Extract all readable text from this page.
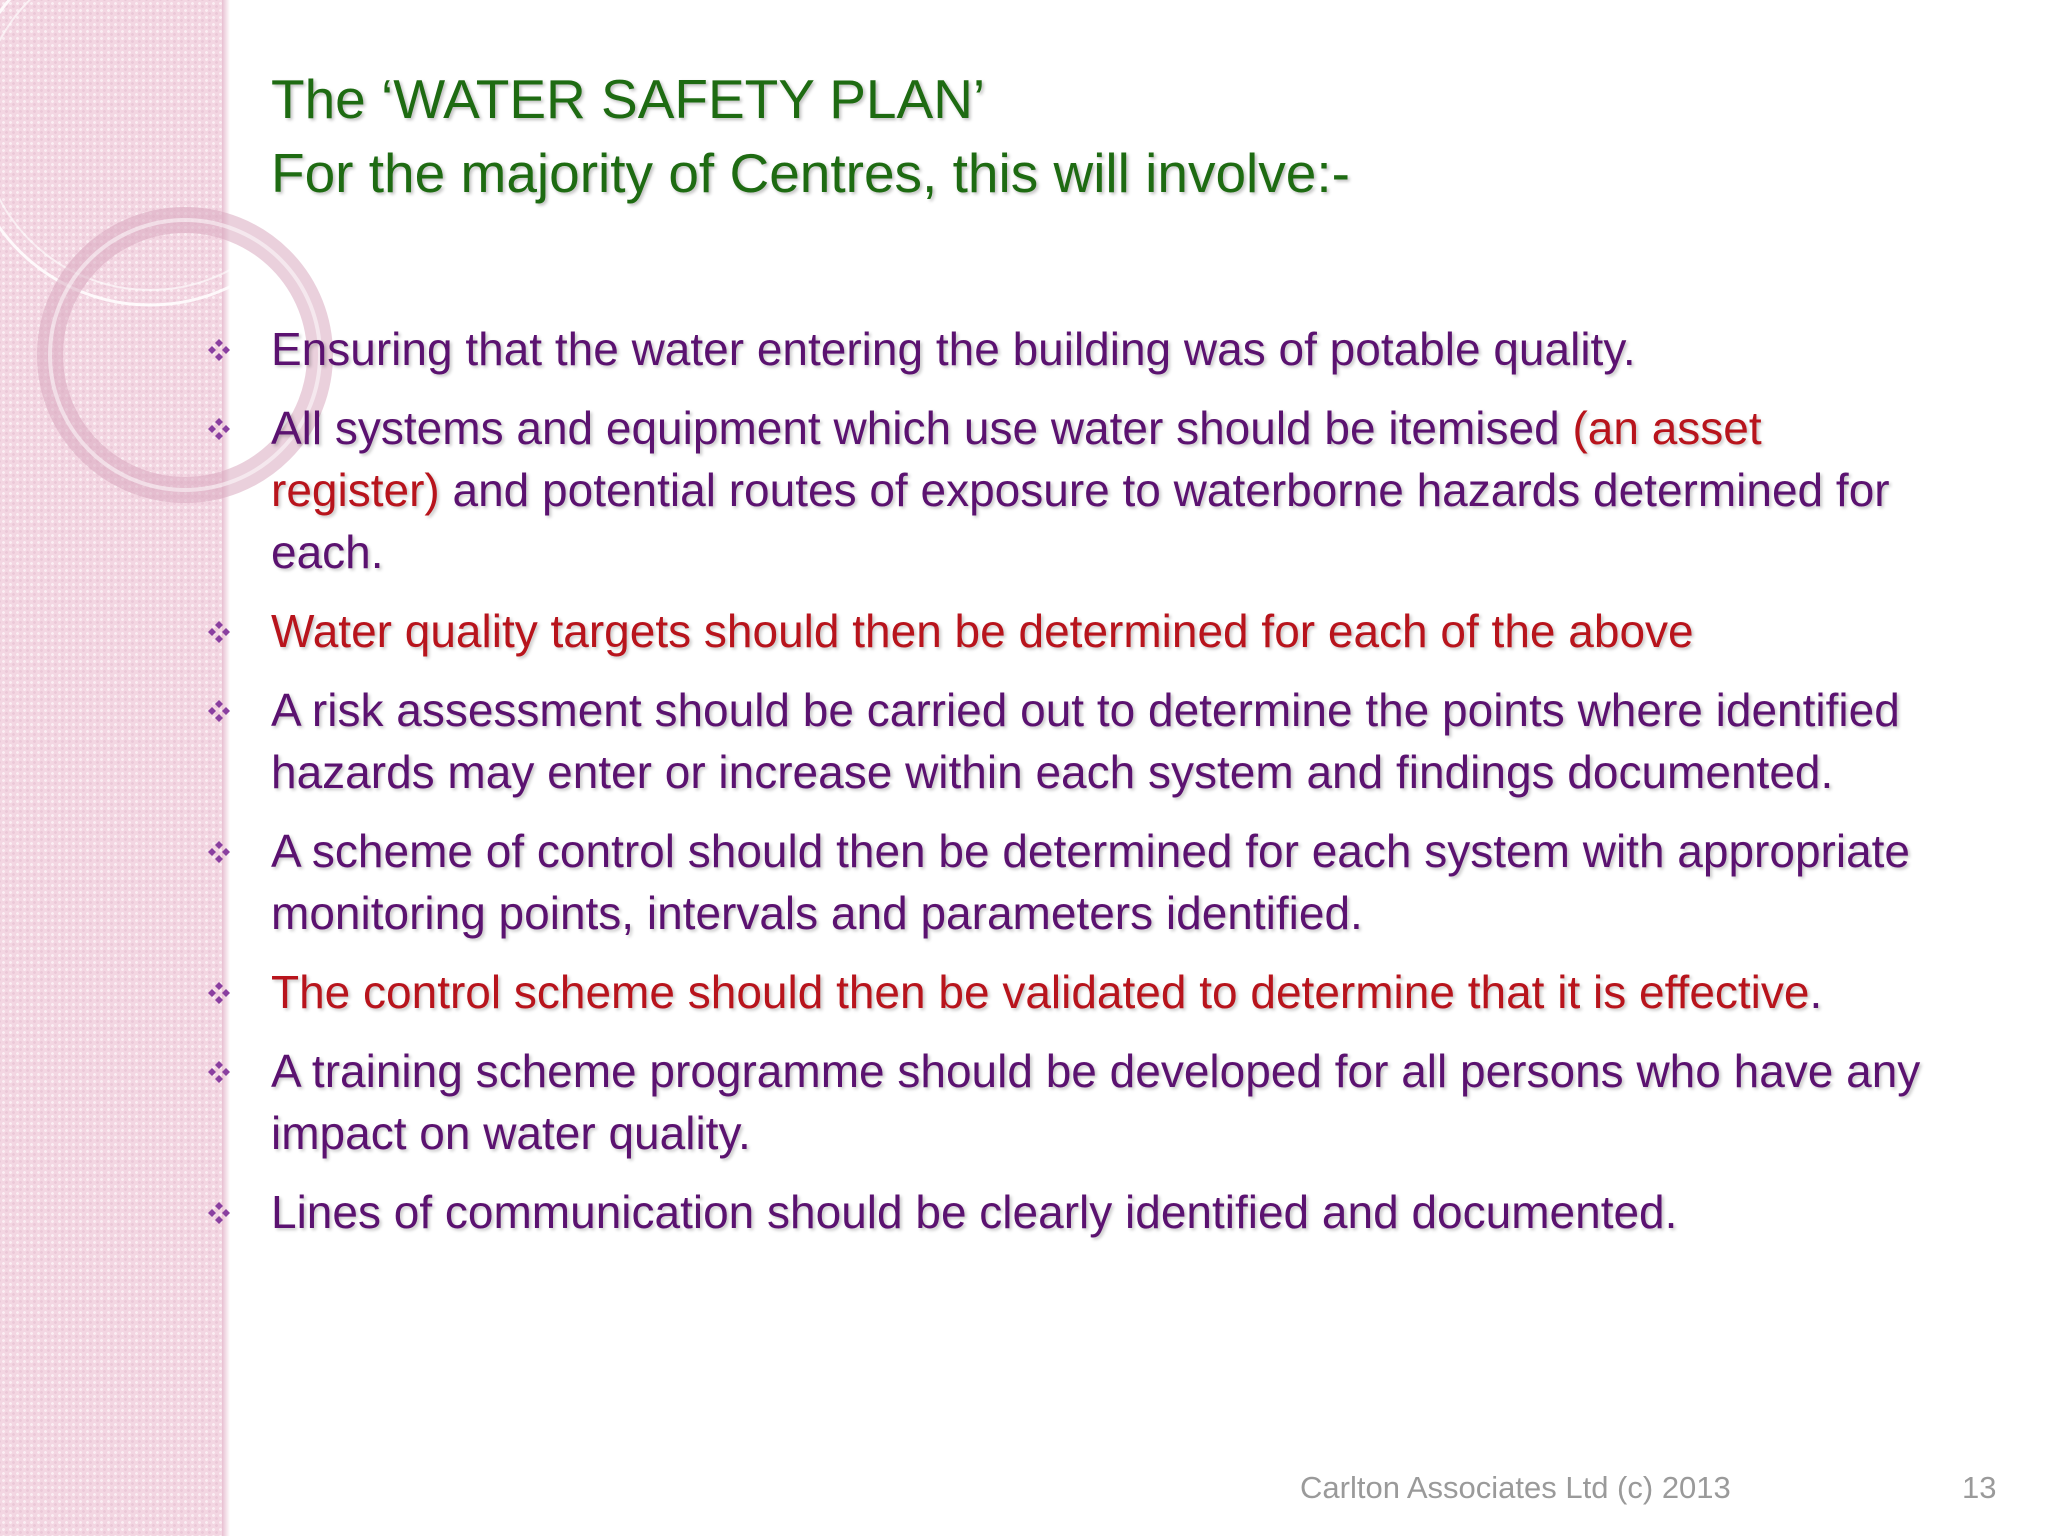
The ‘WATER SAFETY PLAN’
For the majority of Centres, this will involve:-
Ensuring that the water entering the building was of potable quality.
All systems and equipment which use water should be itemised (an asset register) and potential routes of exposure to waterborne hazards determined for each.
Water quality targets should then be determined for each of the above
A risk assessment should be carried out to determine the points where identified hazards may enter or increase within each system and findings documented.
A scheme of control should then be determined for each system with appropriate monitoring points, intervals and parameters identified.
The control scheme should then be validated to determine that it is effective.
A training scheme programme should be developed for all persons who have any impact on water quality.
Lines of communication should be clearly identified and documented.
Carlton Associates Ltd (c) 2013	13
